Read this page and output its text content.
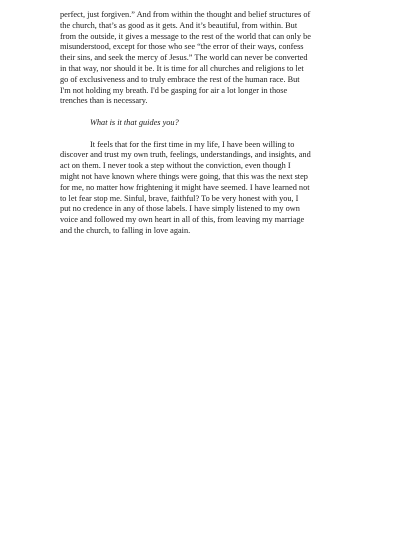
perfect, just forgiven.” And from within the thought and belief structures of
the church, that’s as good as it gets. And it’s beautiful, from within. But
from the outside, it gives a message to the rest of the world that can only be
misunderstood, except for those who see “the error of their ways, confess
their sins, and seek the mercy of Jesus.” The world can never be converted
in that way, nor should it be. It is time for all churches and religions to let
go of exclusiveness and to truly embrace the rest of the human race. But
I'm not holding my breath. I'd be gasping for air a lot longer in those
trenches than is necessary.
What is it that guides you?
It feels that for the first time in my life, I have been willing to
discover and trust my own truth, feelings, understandings, and insights, and
act on them. I never took a step without the conviction, even though I
might not have known where things were going, that this was the next step
for me, no matter how frightening it might have seemed. I have learned not
to let fear stop me. Sinful, brave, faithful? To be very honest with you, I
put no credence in any of those labels. I have simply listened to my own
voice and followed my own heart in all of this, from leaving my marriage
and the church, to falling in love again.
